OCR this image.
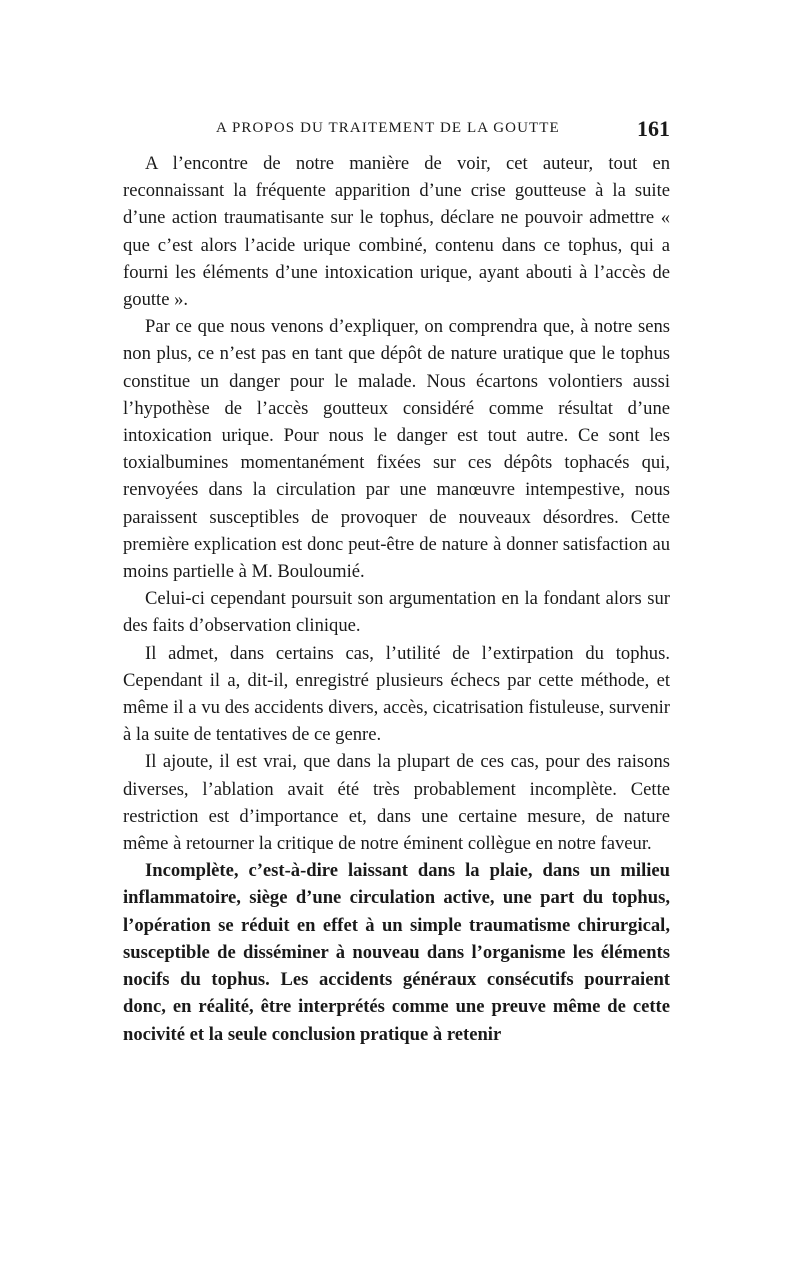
A PROPOS DU TRAITEMENT DE LA GOUTTE	161

A l’encontre de notre manière de voir, cet auteur, tout en reconnaissant la fréquente apparition d’une crise goutteuse à la suite d’une action traumatisante sur le tophus, déclare ne pouvoir admettre « que c’est alors l’acide urique combiné, contenu dans ce tophus, qui a fourni les éléments d’une intoxication urique, ayant abouti à l’accès de goutte ».

Par ce que nous venons d’expliquer, on comprendra que, à notre sens non plus, ce n’est pas en tant que dépôt de nature uratique que le tophus constitue un danger pour le malade. Nous écartons volontiers aussi l’hypothèse de l’accès goutteux considéré comme résultat d’une intoxication urique. Pour nous le danger est tout autre. Ce sont les toxialbumines momentanément fixées sur ces dépôts tophacés qui, renvoyées dans la circulation par une manœuvre intempestive, nous paraissent susceptibles de provoquer de nouveaux désordres. Cette première explication est donc peut-être de nature à donner satisfaction au moins partielle à M. Bouloumié.

Celui-ci cependant poursuit son argumentation en la fondant alors sur des faits d’observation clinique.

Il admet, dans certains cas, l’utilité de l’extirpation du tophus. Cependant il a, dit-il, enregistré plusieurs échecs par cette méthode, et même il a vu des accidents divers, accès, cicatrisation fistuleuse, survenir à la suite de tentatives de ce genre.

Il ajoute, il est vrai, que dans la plupart de ces cas, pour des raisons diverses, l’ablation avait été très probablement incomplète. Cette restriction est d’importance et, dans une certaine mesure, de nature même à retourner la critique de notre éminent collègue en notre faveur.

Incomplète, c’est-à-dire laissant dans la plaie, dans un milieu inflammatoire, siège d’une circulation active, une part du tophus, l’opération se réduit en effet à un simple traumatisme chirurgical, susceptible de disséminer à nouveau dans l’organisme les éléments nocifs du tophus. Les accidents généraux consécutifs pourraient donc, en réalité, être interprétés comme une preuve même de cette nocivité et la seule conclusion pratique à retenir
